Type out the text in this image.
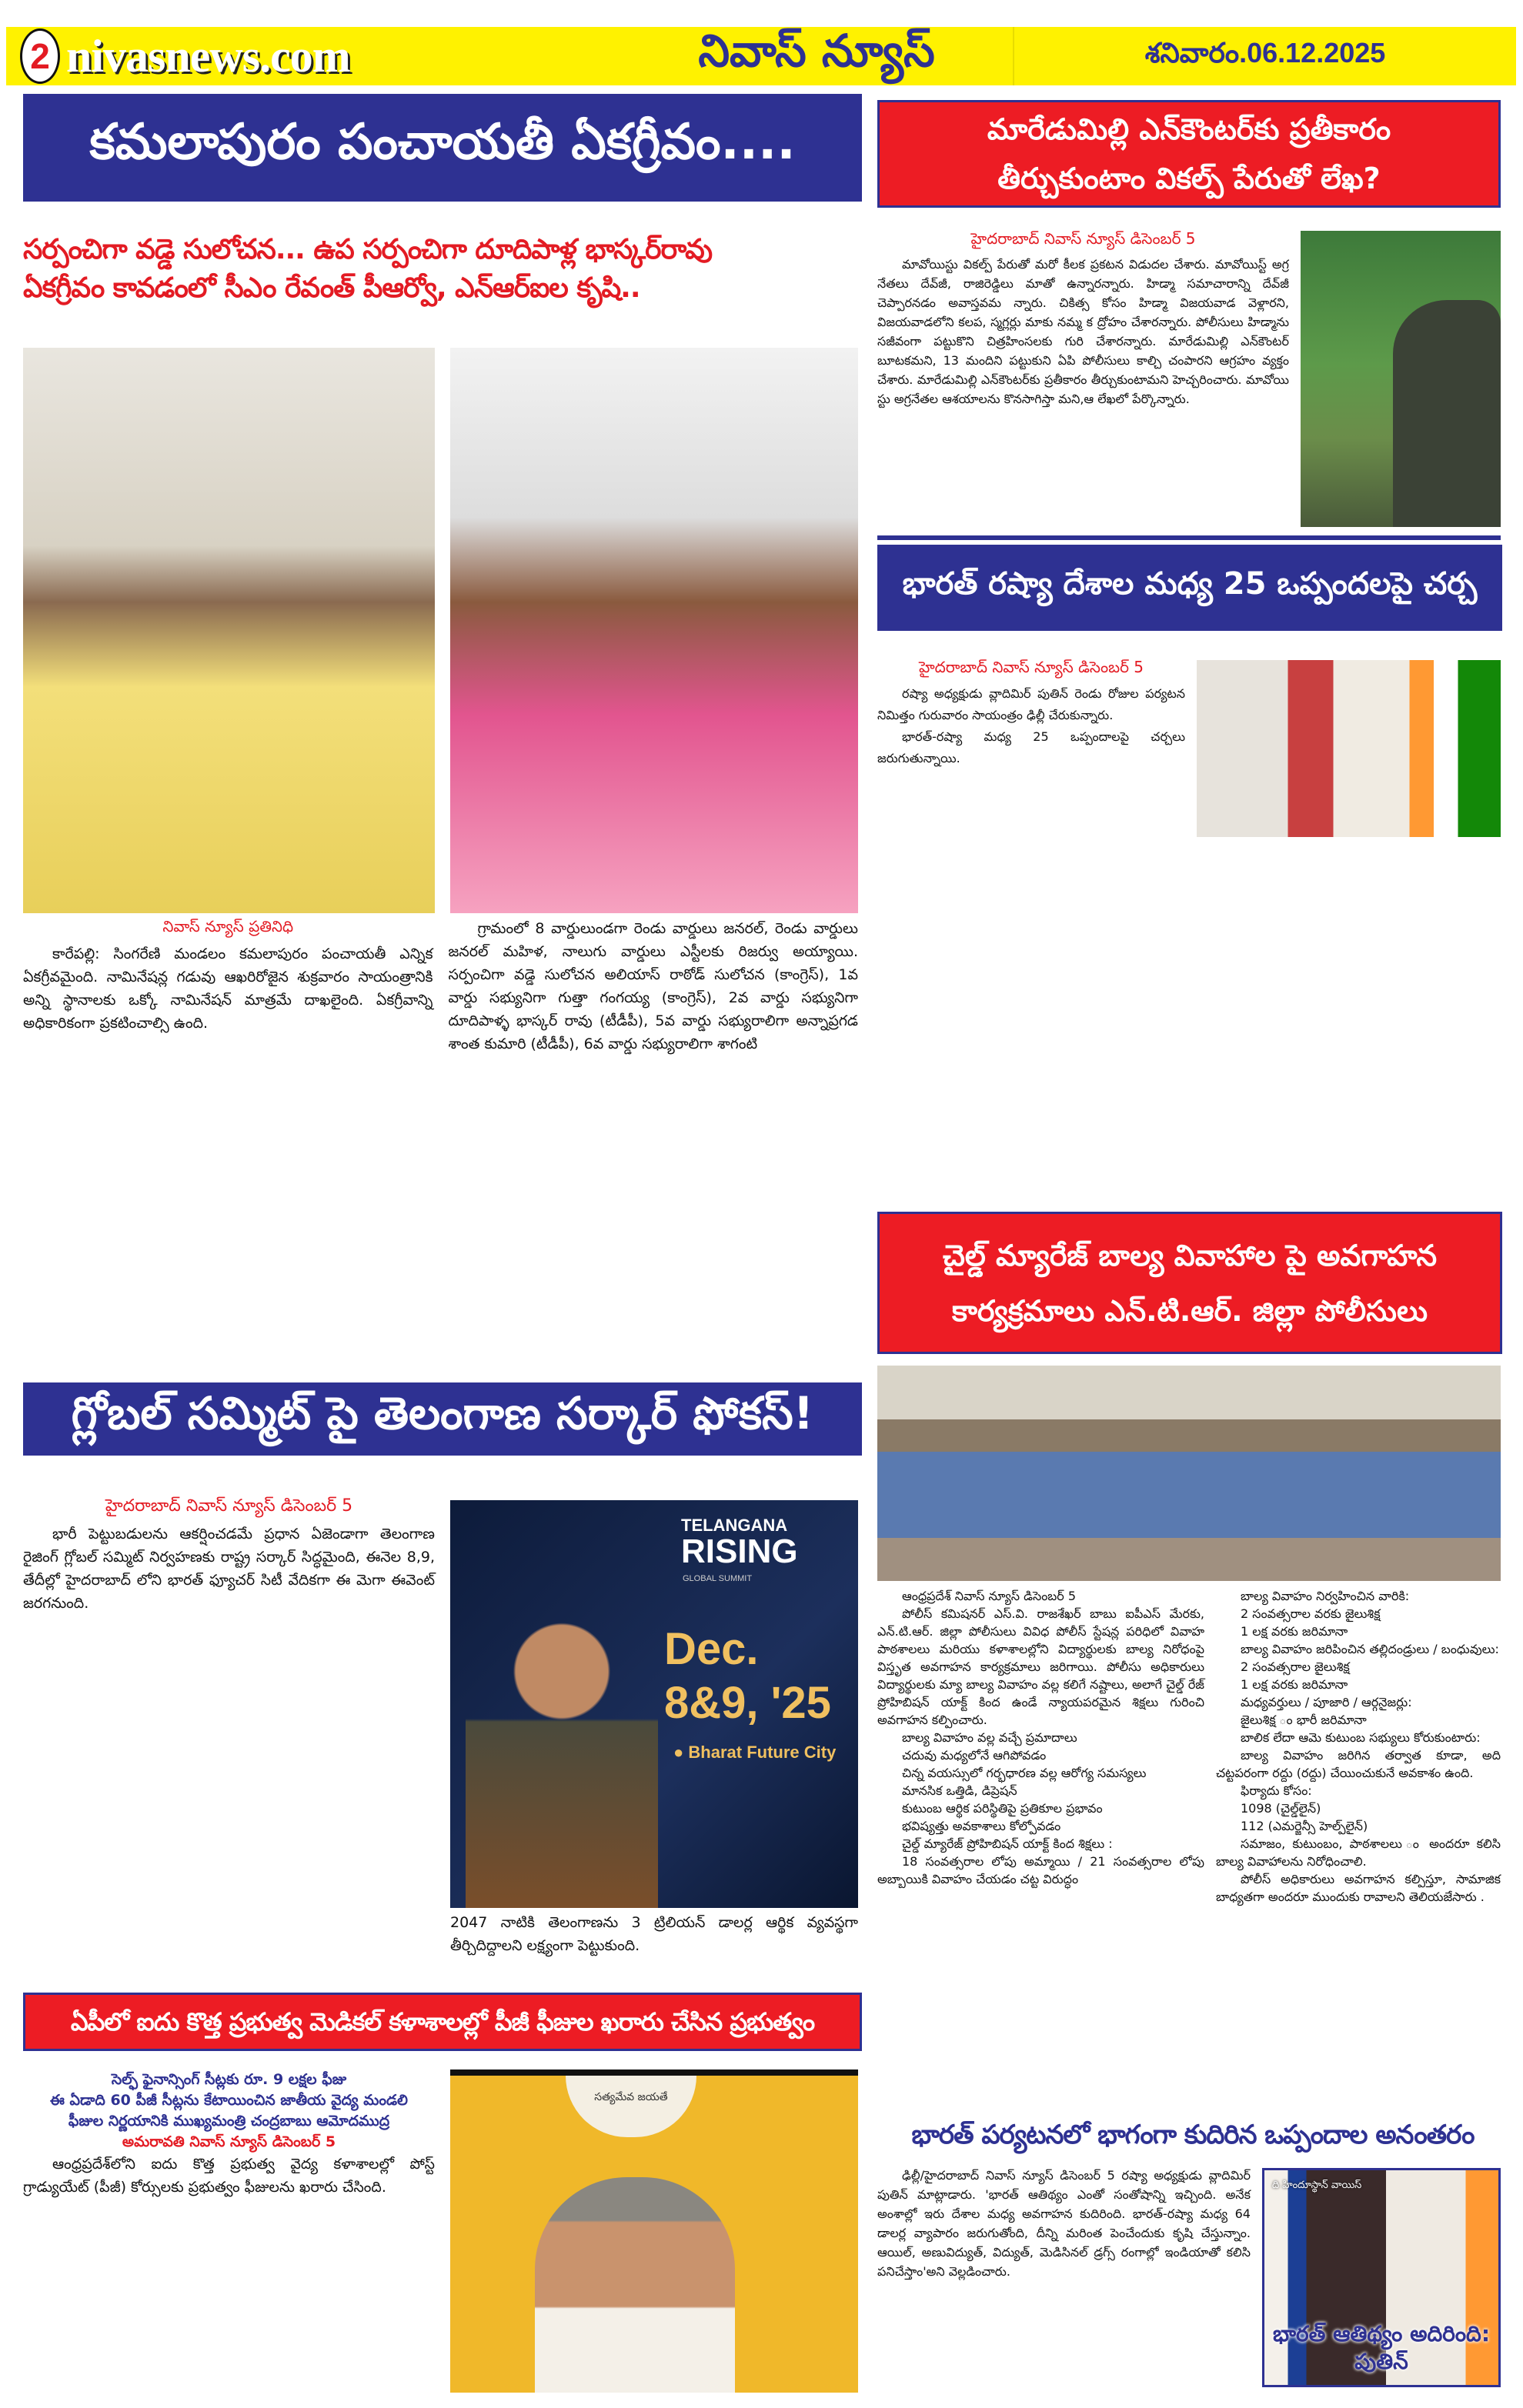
2 nivasnews.com	నివాస్ న్యూస్	శనివారం.06.12.2025
కమలాపురం పంచాయతీ ఏకగ్రీవం....
సర్పంచిగా వడ్డె సులోచన... ఉప సర్పంచిగా దూదిపాళ్ల భాస్కర్‌రావు
ఏకగ్రీవం కావడంలో సీఎం రేవంత్ పీఆర్వో, ఎన్ఆర్ఐల కృషి..
నివాస్ న్యూస్ ప్రతినిధి

కారేపల్లి: సింగరేణి మండలం కమలాపురం పంచాయతీ ఎన్నిక ఏకగ్రీవమైంది. నామినేషన్ల గడువు ఆఖరిరోజైన శుక్రవారం సాయంత్రానికి అన్ని స్థానాలకు ఒక్కో నామినేషన్ మాత్రమే దాఖలైంది. ఏకగ్రీవాన్ని అధికారికంగా ప్రకటించాల్సి ఉంది.

గ్రామంలో 8 వార్డులుండగా రెండు వార్డులు జనరల్, రెండు వార్డులు జనరల్ మహిళ, నాలుగు వార్డులు ఎస్టీలకు రిజర్వు అయ్యాయి. సర్పంచిగా వడ్డె సులోచన అలియాస్ రాఠోడ్ సులోచన (కాంగ్రెస్), 1వ వార్డు సభ్యునిగా గుత్తా గంగయ్య (కాంగ్రెస్), 2వ వార్డు సభ్యునిగా దూదిపాళ్ళ భాస్కర్ రావు (టీడీపీ), 5వ వార్డు సభ్యురాలిగా అన్నాప్రగడ శాంత కుమారి (టీడీపీ), 6వ వార్డు సభ్యురాలిగా శాగంటి

గ్లోబల్ సమ్మిట్ పై తెలంగాణ సర్కార్ ఫోకస్!
హైదరాబాద్ నివాస్ న్యూస్ డిసెంబర్ 5

భారీ పెట్టుబడులను ఆకర్షించడమే ప్రధాన ఏజెండాగా తెలంగాణ రైజింగ్ గ్లోబల్ సమ్మిట్ నిర్వహణకు రాష్ట్ర సర్కార్ సిద్ధమైంది, ఈనెల 8,9, తేదీల్లో హైదరాబాద్ లోని భారత్ ఫ్యూచర్ సిటీ వేదికగా ఈ మెగా ఈవెంట్ జరగనుంది.

TELANGANA
RISING
GLOBAL SUMMIT
Dec.
8&9, '25
● Bharat Future City

2047 నాటికి తెలంగాణను 3 ట్రిలియన్ డాలర్ల ఆర్థిక వ్యవస్థగా తీర్చిదిద్దాలని లక్ష్యంగా పెట్టుకుంది.

ఏపీలో ఐదు కొత్త ప్రభుత్వ మెడికల్ కళాశాలల్లో పీజీ ఫీజుల ఖరారు చేసిన ప్రభుత్వం
సెల్ఫ్ ఫైనాన్సింగ్ సీట్లకు రూ. 9 లక్షల ఫీజు
ఈ ఏడాది 60 పీజీ సీట్లను కేటాయించిన జాతీయ వైద్య మండలి
ఫీజుల నిర్ణయానికి ముఖ్యమంత్రి చంద్రబాబు ఆమోదముద్ర
అమరావతి నివాస్ న్యూస్ డిసెంబర్ 5

ఆంధ్రప్రదేశ్‌లోని ఐదు కొత్త ప్రభుత్వ వైద్య కళాశాలల్లో పోస్ట్ గ్రాడ్యుయేట్ (పీజీ) కోర్సులకు ప్రభుత్వం ఫీజులను ఖరారు చేసింది.

సత్యమేవ జయతే
మారేడుమిల్లి ఎన్‌కౌంటర్‌కు ప్రతీకారం
తీర్చుకుంటాం వికల్ప్ పేరుతో లేఖ?
హైదరాబాద్ నివాస్ న్యూస్ డిసెంబర్ 5

మావోయిస్టు వికల్ప్ పేరుతో మరో కీలక ప్రకటన విడుదల చేశారు. మావోయిస్ట్ అగ్ర నేతలు దేవ్‌జీ, రాజిరెడ్డిలు మాతో ఉన్నారన్నారు. హిడ్మా సమాచారాన్ని దేవ్‌జీ చెప్పారనడం అవాస్తవమ న్నారు. చికిత్స కోసం హిడ్మా విజయవాడ వెళ్లారని, విజయవాడలోని కలప, స్మగ్లర్లు మాకు నమ్మ క ద్రోహం చేశారన్నారు. పోలీసులు హిడ్మాను సజీవంగా పట్టుకొని చిత్రహింసలకు గురి చేశారన్నారు. మారేడుమిల్లి ఎన్‌కౌంటర్ బూటకమని, 13 మందిని పట్టుకుని ఏపి పోలీసులు కాల్చి చంపారని ఆగ్రహం వ్యక్తం చేశారు. మారేడుమిల్లి ఎన్‌కౌంటర్‌కు ప్రతీకారం తీర్చుకుంటామని హెచ్చరించారు. మావోయి స్టు అగ్రనేతల ఆశయాలను కొనసాగిస్తా మని,ఆ లేఖలో పేర్కొన్నారు.

భారత్ రష్యా దేశాల మధ్య 25 ఒప్పందలపై చర్చ
హైదరాబాద్ నివాస్ న్యూస్ డిసెంబర్ 5

రష్యా అధ్యక్షుడు వ్లాదిమిర్ పుతిన్ రెండు రోజుల పర్యటన నిమిత్తం గురువారం సాయంత్రం ఢిల్లీ చేరుకున్నారు.

భారత్-రష్యా మధ్య 25 ఒప్పందాలపై చర్చలు జరుగుతున్నాయి.

చైల్డ్ మ్యారేజ్ బాల్య వివాహాల పై అవగాహన
కార్యక్రమాలు ఎన్.టి.ఆర్. జిల్లా పోలీసులు

ఆంధ్రప్రదేశ్ నివాస్ న్యూస్ డిసెంబర్ 5

పోలీస్ కమిషనర్ ఎస్.వి. రాజశేఖర్ బాబు ఐపీఎస్ మేరకు, ఎన్.టి.ఆర్. జిల్లా పోలీసులు వివిధ పోలీస్ స్టేషన్ల పరిధిలో వివాహ పాఠశాలలు మరియు కళాశాలల్లోని విద్యార్థులకు బాల్య నిరోధంపై విస్తృత అవగాహన కార్యక్రమాలు జరిగాయి. పోలీసు అధికారులు విద్యార్థులకు మ్యా బాల్య వివాహం వల్ల కలిగే నష్టాలు, అలాగే చైల్డ్ రేజ్ ప్రోహిబిషన్ యాక్ట్ కింద ఉండే న్యాయపరమైన శిక్షలు గురించి అవగాహన కల్పించారు.

బాల్య వివాహం వల్ల వచ్చే ప్రమాదాలు

చదువు మధ్యలోనే ఆగిపోవడం

చిన్న వయస్సులో గర్భధారణ వల్ల ఆరోగ్య సమస్యలు

మానసిక ఒత్తిడి, డిప్రెషన్

కుటుంబ ఆర్థిక పరిస్థితిపై ప్రతికూల ప్రభావం

భవిష్యత్తు అవకాశాలు కోల్పోవడం

చైల్డ్ మ్యారేజ్ ప్రోహిబిషన్ యాక్ట్ కింద శిక్షలు :

18 సంవత్సరాల లోపు అమ్మాయి / 21 సంవత్సరాల లోపు అబ్బాయికి వివాహం చేయడం చట్ట విరుద్ధం

బాల్య వివాహం నిర్వహించిన వారికి:

2 సంవత్సరాల వరకు జైలుశిక్ష

1 లక్ష వరకు జరిమానా

బాల్య వివాహం జరిపించిన తల్లిదండ్రులు / బంధువులు:

2 సంవత్సరాల జైలుశిక్ష

1 లక్ష వరకు జరిమానా

మధ్యవర్తులు / పూజారి / ఆర్గనైజర్లు:

జైలుశిక్ష ం భారీ జరిమానా

బాలిక లేదా ఆమె కుటుంబ సభ్యులు కోరుకుంటారు:

బాల్య వివాహం జరిగిన తర్వాత కూడా, అది చట్టపరంగా రద్దు (రద్దు) చేయించుకునే అవకాశం ఉంది.

ఫిర్యాదు కోసం:

1098 (చైల్డ్‌లైన్)

112 (ఎమర్జెన్సీ హెల్ప్‌లైన్)

సమాజం, కుటుంబం, పాఠశాలలు ం అందరూ కలిసి బాల్య వివాహాలను నిరోధించాలి.

పోలీస్ అధికారులు అవగాహన కల్పిస్తూ, సామాజిక బాధ్యతగా అందరూ ముందుకు రావాలని తెలియజేసారు .

భారత్ పర్యటనలో భాగంగా కుదిరిన ఒప్పందాల అనంతరం

ఢిల్లీ/హైదరాబాద్ నివాస్ న్యూస్ డిసెంబర్ 5 రష్యా అధ్యక్షుడు వ్లాదిమిర్ పుతిన్ మాట్లాడారు. 'భారత్ ఆతిథ్యం ఎంతో సంతోషాన్ని ఇచ్చింది. అనేక అంశాల్లో ఇరు దేశాల మధ్య అవగాహన కుదిరింది. భారత్-రష్యా మధ్య 64 డాలర్ల వ్యాపారం జరుగుతోంది, దీన్ని మరింత పెంచేందుకు కృషి చేస్తున్నాం. ఆయిల్, అణువిద్యుత్, విద్యుత్, మెడిసినల్ డ్రగ్స్ రంగాల్లో ఇండియాతో కలిసి పనిచేస్తాం'అని వెల్లడించారు.

ది హిందూస్థాన్ వాయిస్
భారత్ ఆతిథ్యం అదిరింది: పుతిన్
